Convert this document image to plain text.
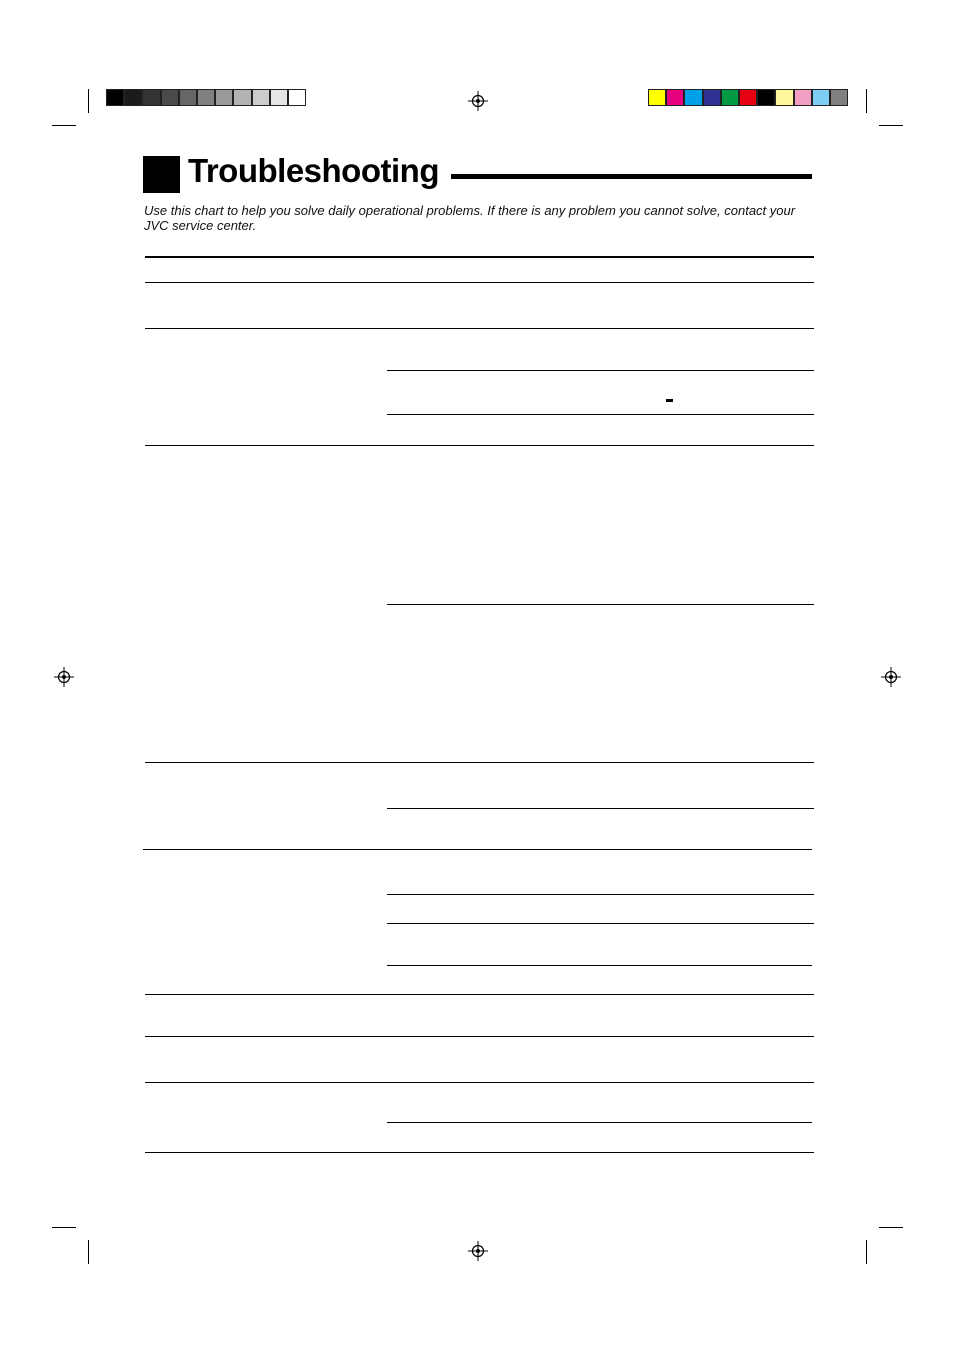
Troubleshooting
Use this chart to help you solve daily operational problems. If there is any problem you cannot solve, contact your JVC service center.
